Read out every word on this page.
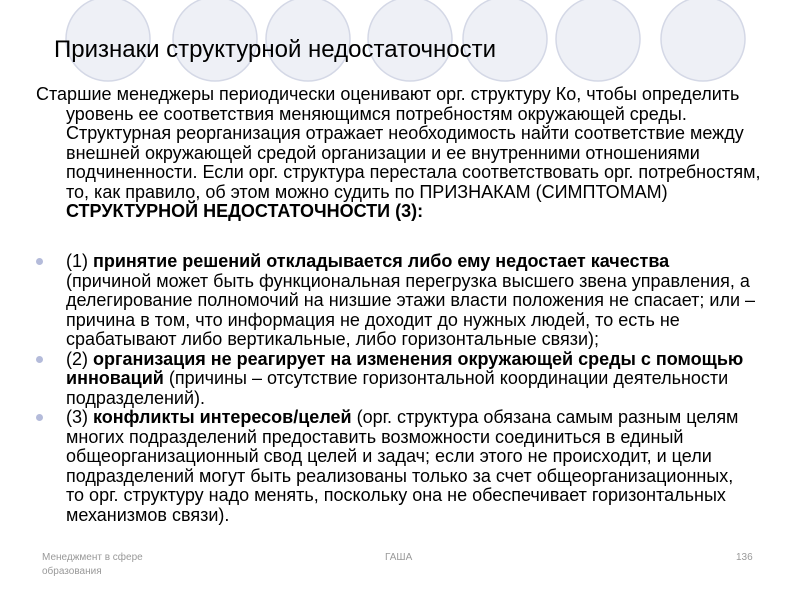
Признаки структурной недостаточности
Старшие менеджеры периодически оценивают орг. структуру Ко, чтобы определить уровень ее соответствия меняющимся потребностям окружающей среды. Структурная реорганизация отражает необходимость найти соответствие между внешней окружающей средой организации и ее внутренними отношениями подчиненности. Если орг. структура перестала соответствовать орг. потребностям, то, как правило, об этом можно судить по ПРИЗНАКАМ (СИМПТОМАМ) СТРУКТУРНОЙ НЕДОСТАТОЧНОСТИ (3):
(1) принятие решений откладывается либо ему недостает качества (причиной может быть функциональная перегрузка высшего звена управления, а делегирование полномочий на низшие этажи власти положения не спасает; или – причина в том, что информация не доходит до нужных людей, то есть не срабатывают либо вертикальные, либо горизонтальные связи);
(2) организация не реагирует на изменения окружающей среды с помощью инноваций (причины – отсутствие горизонтальной координации деятельности подразделений).
(3) конфликты интересов/целей (орг. структура обязана самым разным целям многих подразделений предоставить возможности соединиться в единый общеорганизационный свод целей и задач; если этого не происходит, и цели подразделений могут быть реализованы только за счет общеорганизационных, то орг. структуру надо менять, поскольку она не обеспечивает горизонтальных механизмов связи).
Менеджмент в сфере образования
ГАША	136
